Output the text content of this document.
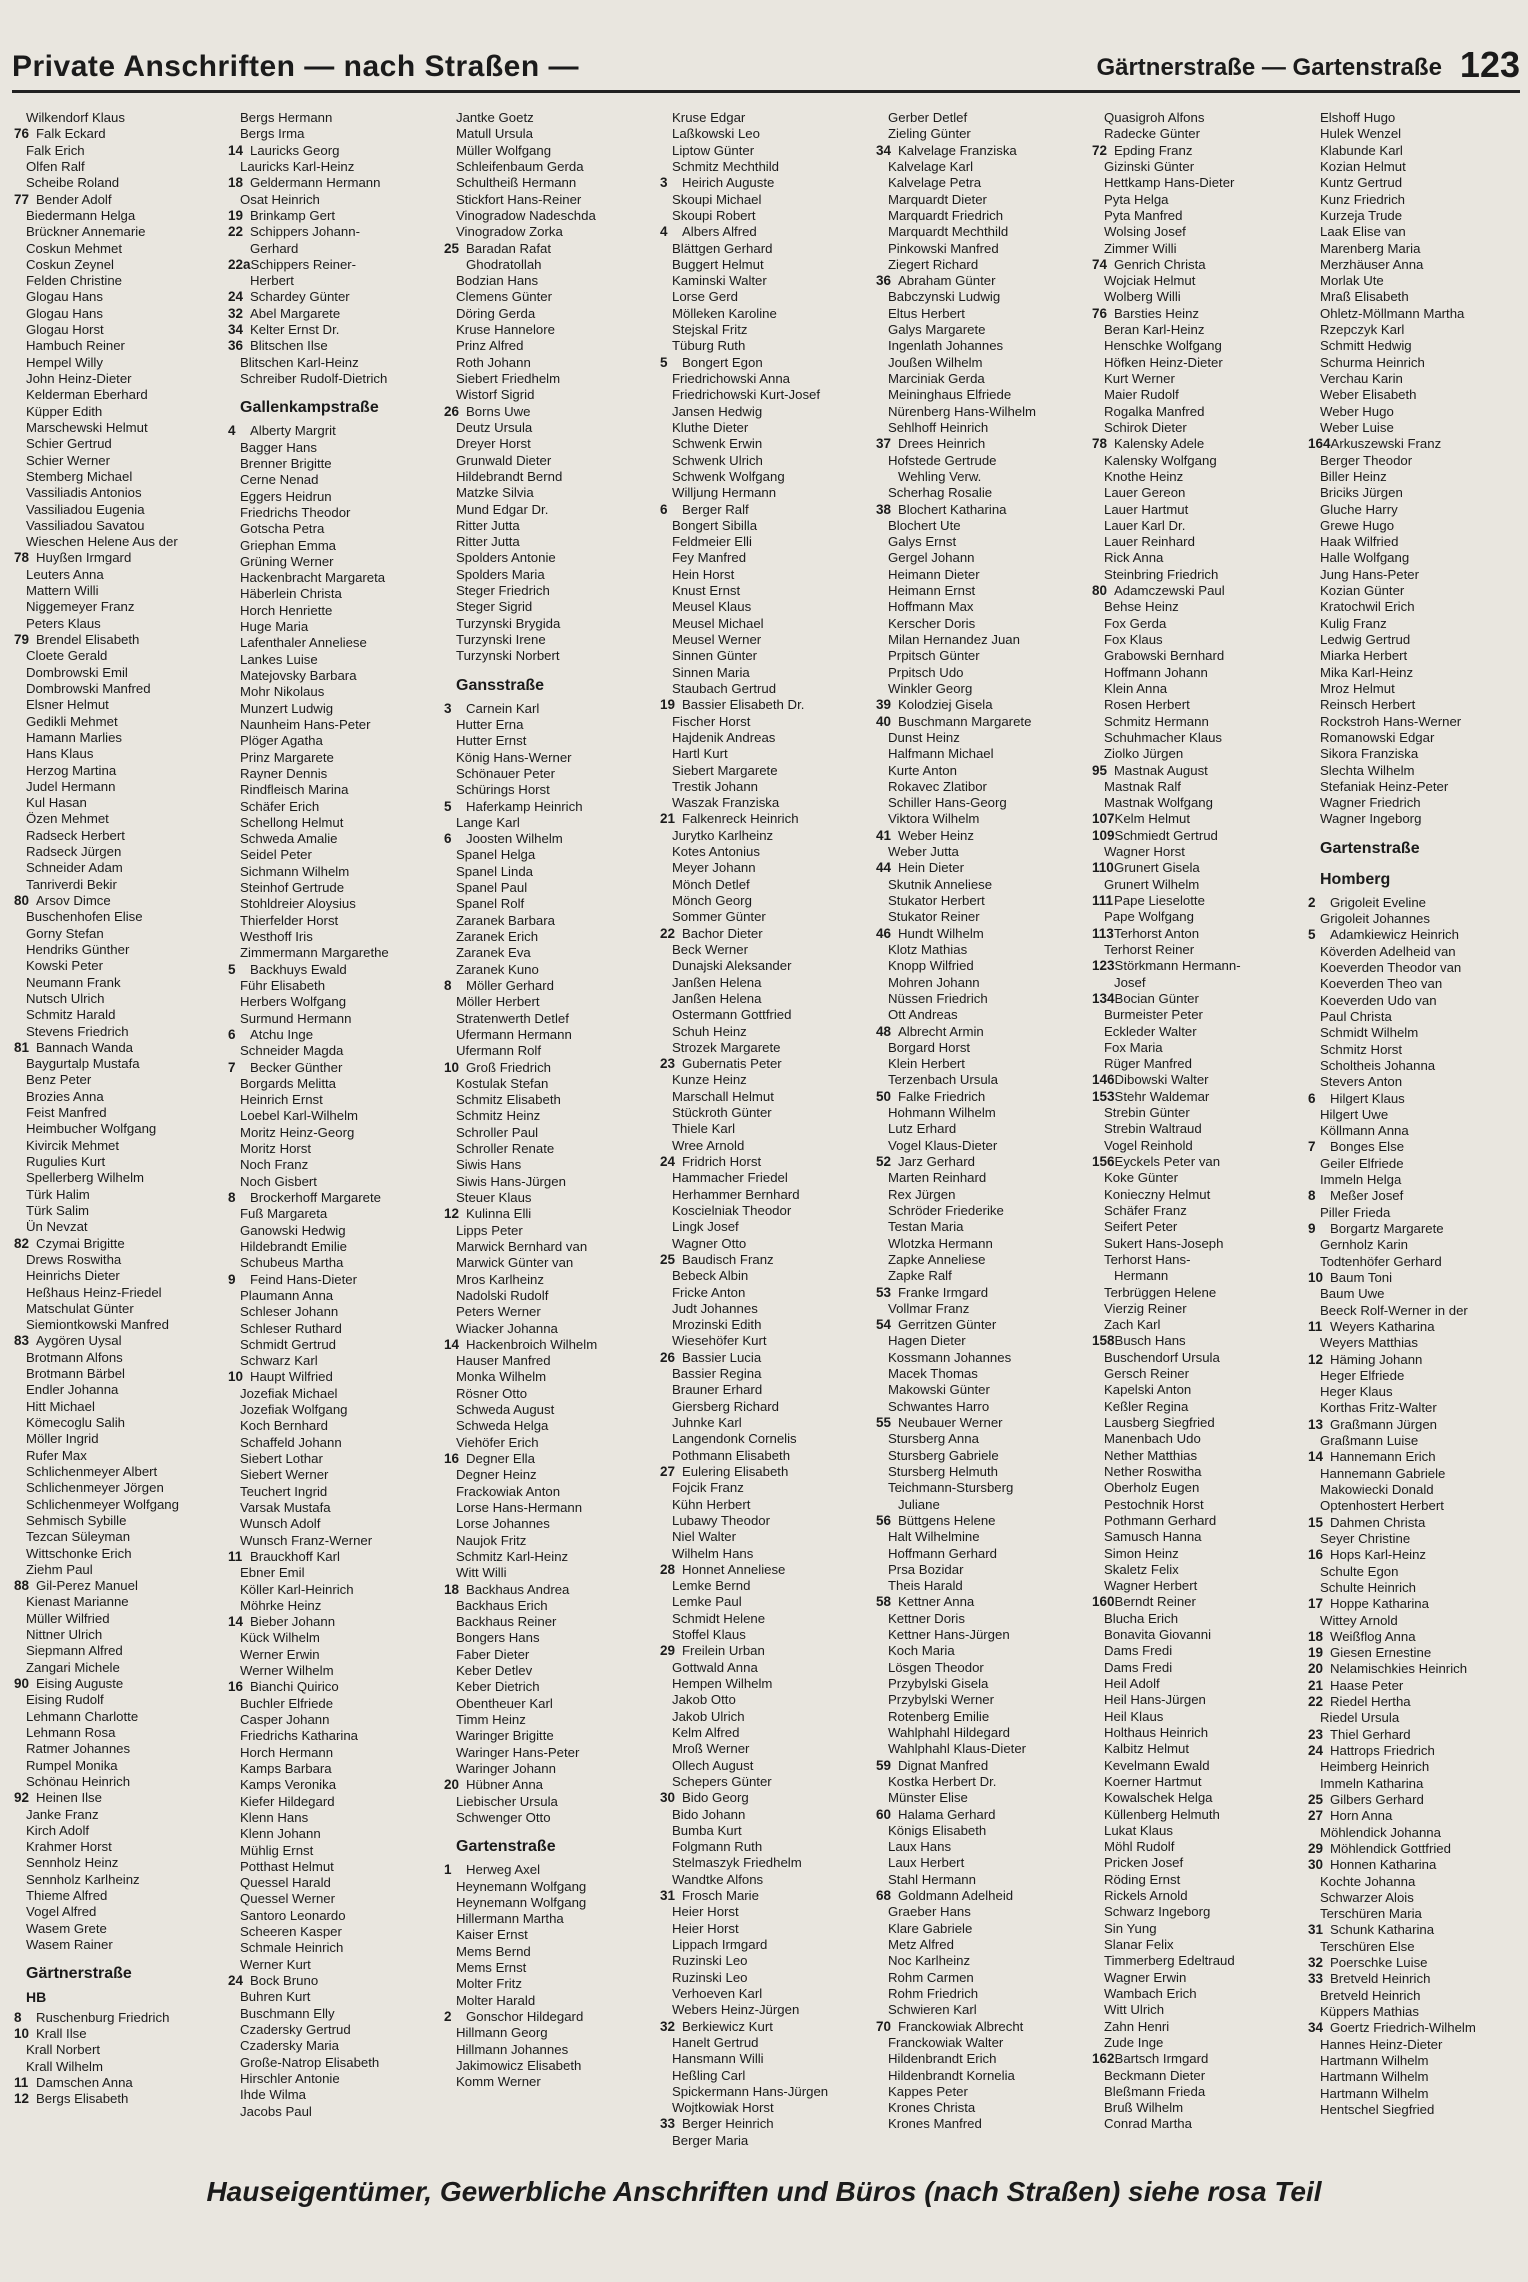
Private Anschriften — nach Straßen —	Gärtnerstraße — Gartenstraße 123
Wilkendorf Klaus
76Falk Eckard
Falk Erich
Olfen Ralf
Scheibe Roland
77Bender Adolf
Biedermann Helga
Brückner Annemarie
Coskun Mehmet
Coskun Zeynel
Felden Christine
Glogau Hans
Glogau Hans
Glogau Horst
Hambuch Reiner
Hempel Willy
John Heinz-Dieter
Kelderman Eberhard
Küpper Edith
Marschewski Helmut
Schier Gertrud
Schier Werner
Stemberg Michael
Vassiliadis Antonios
Vassiliadou Eugenia
Vassiliadou Savatou
Wieschen Helene Aus der
78Huyßen Irmgard
Leuters Anna
Mattern Willi
Niggemeyer Franz
Peters Klaus
79Brendel Elisabeth
Cloete Gerald
Dombrowski Emil
Dombrowski Manfred
Elsner Helmut
Gedikli Mehmet
Hamann Marlies
Hans Klaus
Herzog Martina
Judel Hermann
Kul Hasan
Özen Mehmet
Radseck Herbert
Radseck Jürgen
Schneider Adam
Tanriverdi Bekir
80Arsov Dimce
Buschenhofen Elise
Gorny Stefan
Hendriks Günther
Kowski Peter
Neumann Frank
Nutsch Ulrich
Schmitz Harald
Stevens Friedrich
81Bannach Wanda
Baygurtalp Mustafa
Benz Peter
Brozies Anna
Feist Manfred
Heimbucher Wolfgang
Kivircik Mehmet
Rugulies Kurt
Spellerberg Wilhelm
Türk Halim
Türk Salim
Ün Nevzat
82Czymai Brigitte
Drews Roswitha
Heinrichs Dieter
Heßhaus Heinz-Friedel
Matschulat Günter
Siemiontkowski Manfred
83Aygören Uysal
Brotmann Alfons
Brotmann Bärbel
Endler Johanna
Hitt Michael
Kömecoglu Salih
Möller Ingrid
Rufer Max
Schlichenmeyer Albert
Schlichenmeyer Jörgen
Schlichenmeyer Wolfgang
Sehmisch Sybille
Tezcan Süleyman
Wittschonke Erich
Ziehm Paul
88Gil-Perez Manuel
Kienast Marianne
Müller Wilfried
Nittner Ulrich
Siepmann Alfred
Zangari Michele
90Eising Auguste
Eising Rudolf
Lehmann Charlotte
Lehmann Rosa
Ratmer Johannes
Rumpel Monika
Schönau Heinrich
92Heinen Ilse
Janke Franz
Kirch Adolf
Krahmer Horst
Sennholz Heinz
Sennholz Karlheinz
Thieme Alfred
Vogel Alfred
Wasem Grete
Wasem Rainer
Gärtnerstraße
HB
8Ruschenburg Friedrich
10Krall Ilse
Krall Norbert
Krall Wilhelm
11Damschen Anna
12Bergs Elisabeth
Bergs Hermann
Bergs Irma
14Lauricks Georg
Lauricks Karl-Heinz
18Geldermann Hermann
Osat Heinrich
19Brinkamp Gert
22Schippers Johann-
Gerhard
22aSchippers Reiner-
Herbert
24Schardey Günter
32Abel Margarete
34Kelter Ernst Dr.
36Blitschen Ilse
Blitschen Karl-Heinz
Schreiber Rudolf-Dietrich
Gallenkampstraße
4Alberty Margrit
Bagger Hans
Brenner Brigitte
Cerne Nenad
Eggers Heidrun
Friedrichs Theodor
Gotscha Petra
Griephan Emma
Grüning Werner
Hackenbracht Margareta
Häberlein Christa
Horch Henriette
Huge Maria
Lafenthaler Anneliese
Lankes Luise
Matejovsky Barbara
Mohr Nikolaus
Munzert Ludwig
Naunheim Hans-Peter
Plöger Agatha
Prinz Margarete
Rayner Dennis
Rindfleisch Marina
Schäfer Erich
Schellong Helmut
Schweda Amalie
Seidel Peter
Sichmann Wilhelm
Steinhof Gertrude
Stohldreier Aloysius
Thierfelder Horst
Westhoff Iris
Zimmermann Margarethe
5Backhuys Ewald
Führ Elisabeth
Herbers Wolfgang
Surmund Hermann
6Atchu Inge
Schneider Magda
7Becker Günther
Borgards Melitta
Heinrich Ernst
Loebel Karl-Wilhelm
Moritz Heinz-Georg
Moritz Horst
Noch Franz
Noch Gisbert
8Brockerhoff Margarete
Fuß Margareta
Ganowski Hedwig
Hildebrandt Emilie
Schubeus Martha
9Feind Hans-Dieter
Plaumann Anna
Schleser Johann
Schleser Ruthard
Schmidt Gertrud
Schwarz Karl
10Haupt Wilfried
Jozefiak Michael
Jozefiak Wolfgang
Koch Bernhard
Schaffeld Johann
Siebert Lothar
Siebert Werner
Teuchert Ingrid
Varsak Mustafa
Wunsch Adolf
Wunsch Franz-Werner
11Brauckhoff Karl
Ebner Emil
Köller Karl-Heinrich
Möhrke Heinz
14Bieber Johann
Kück Wilhelm
Werner Erwin
Werner Wilhelm
16Bianchi Quirico
Buchler Elfriede
Casper Johann
Friedrichs Katharina
Horch Hermann
Kamps Barbara
Kamps Veronika
Kiefer Hildegard
Klenn Hans
Klenn Johann
Mühlig Ernst
Potthast Helmut
Quessel Harald
Quessel Werner
Santoro Leonardo
Scheeren Kasper
Schmale Heinrich
Werner Kurt
24Bock Bruno
Buhren Kurt
Buschmann Elly
Czadersky Gertrud
Czadersky Maria
Große-Natrop Elisabeth
Hirschler Antonie
Ihde Wilma
Jacobs Paul
Jantke Goetz
Matull Ursula
Müller Wolfgang
Schleifenbaum Gerda
Schultheiß Hermann
Stickfort Hans-Reiner
Vinogradow Nadeschda
Vinogradow Zorka
25Baradan Rafat
Ghodratollah
Bodzian Hans
Clemens Günter
Döring Gerda
Kruse Hannelore
Prinz Alfred
Roth Johann
Siebert Friedhelm
Wistorf Sigrid
26Borns Uwe
Deutz Ursula
Dreyer Horst
Grunwald Dieter
Hildebrandt Bernd
Matzke Silvia
Mund Edgar Dr.
Ritter Jutta
Ritter Jutta
Spolders Antonie
Spolders Maria
Steger Friedrich
Steger Sigrid
Turzynski Brygida
Turzynski Irene
Turzynski Norbert
Gansstraße
3Carnein Karl
Hutter Erna
Hutter Ernst
König Hans-Werner
Schönauer Peter
Schürings Horst
5Haferkamp Heinrich
Lange Karl
6Joosten Wilhelm
Spanel Helga
Spanel Linda
Spanel Paul
Spanel Rolf
Zaranek Barbara
Zaranek Erich
Zaranek Eva
Zaranek Kuno
8Möller Gerhard
Möller Herbert
Stratenwerth Detlef
Ufermann Hermann
Ufermann Rolf
10Groß Friedrich
Kostulak Stefan
Schmitz Elisabeth
Schmitz Heinz
Schroller Paul
Schroller Renate
Siwis Hans
Siwis Hans-Jürgen
Steuer Klaus
12Kulinna Elli
Lipps Peter
Marwick Bernhard van
Marwick Günter van
Mros Karlheinz
Nadolski Rudolf
Peters Werner
Wiacker Johanna
14Hackenbroich Wilhelm
Hauser Manfred
Monka Wilhelm
Rösner Otto
Schweda August
Schweda Helga
Viehöfer Erich
16Degner Ella
Degner Heinz
Frackowiak Anton
Lorse Hans-Hermann
Lorse Johannes
Naujok Fritz
Schmitz Karl-Heinz
Witt Willi
18Backhaus Andrea
Backhaus Erich
Backhaus Reiner
Bongers Hans
Faber Dieter
Keber Detlev
Keber Dietrich
Obentheuer Karl
Timm Heinz
Waringer Brigitte
Waringer Hans-Peter
Waringer Johann
20Hübner Anna
Liebischer Ursula
Schwenger Otto
Gartenstraße
1Herweg Axel
Heynemann Wolfgang
Heynemann Wolfgang
Hillermann Martha
Kaiser Ernst
Mems Bernd
Mems Ernst
Molter Fritz
Molter Harald
2Gonschor Hildegard
Hillmann Georg
Hillmann Johannes
Jakimowicz Elisabeth
Komm Werner
Kruse Edgar
Laßkowski Leo
Liptow Günter
Schmitz Mechthild
3Heirich Auguste
Skoupi Michael
Skoupi Robert
4Albers Alfred
Blättgen Gerhard
Buggert Helmut
Kaminski Walter
Lorse Gerd
Mölleken Karoline
Stejskal Fritz
Tüburg Ruth
5Bongert Egon
Friedrichowski Anna
Friedrichowski Kurt-Josef
Jansen Hedwig
Kluthe Dieter
Schwenk Erwin
Schwenk Ulrich
Schwenk Wolfgang
Willjung Hermann
6Berger Ralf
Bongert Sibilla
Feldmeier Elli
Fey Manfred
Hein Horst
Knust Ernst
Meusel Klaus
Meusel Michael
Meusel Werner
Sinnen Günter
Sinnen Maria
Staubach Gertrud
19Bassier Elisabeth Dr.
Fischer Horst
Hajdenik Andreas
Hartl Kurt
Siebert Margarete
Trestik Johann
Waszak Franziska
21Falkenreck Heinrich
Jurytko Karlheinz
Kotes Antonius
Meyer Johann
Mönch Detlef
Mönch Georg
Sommer Günter
22Bachor Dieter
Beck Werner
Dunajski Aleksander
Janßen Helena
Janßen Helena
Ostermann Gottfried
Schuh Heinz
Strozek Margarete
23Gubernatis Peter
Kunze Heinz
Marschall Helmut
Stückroth Günter
Thiele Karl
Wree Arnold
24Fridrich Horst
Hammacher Friedel
Herhammer Bernhard
Koscielniak Theodor
Lingk Josef
Wagner Otto
25Baudisch Franz
Bebeck Albin
Fricke Anton
Judt Johannes
Mrozinski Edith
Wiesehöfer Kurt
26Bassier Lucia
Bassier Regina
Brauner Erhard
Giersberg Richard
Juhnke Karl
Langendonk Cornelis
Pothmann Elisabeth
27Eulering Elisabeth
Fojcik Franz
Kühn Herbert
Lubawy Theodor
Niel Walter
Wilhelm Hans
28Honnet Anneliese
Lemke Bernd
Lemke Paul
Schmidt Helene
Stoffel Klaus
29Freilein Urban
Gottwald Anna
Hempen Wilhelm
Jakob Otto
Jakob Ulrich
Kelm Alfred
Mroß Werner
Ollech August
Schepers Günter
30Bido Georg
Bido Johann
Bumba Kurt
Folgmann Ruth
Stelmaszyk Friedhelm
Wandtke Alfons
31Frosch Marie
Heier Horst
Heier Horst
Lippach Irmgard
Ruzinski Leo
Ruzinski Leo
Verhoeven Karl
Webers Heinz-Jürgen
32Berkiewicz Kurt
Hanelt Gertrud
Hansmann Willi
Heßling Carl
Spickermann Hans-Jürgen
Wojtkowiak Horst
33Berger Heinrich
Berger Maria
Gerber Detlef
Zieling Günter
34Kalvelage Franziska
Kalvelage Karl
Kalvelage Petra
Marquardt Dieter
Marquardt Friedrich
Marquardt Mechthild
Pinkowski Manfred
Ziegert Richard
36Abraham Günter
Babczynski Ludwig
Eltus Herbert
Galys Margarete
Ingenlath Johannes
Joußen Wilhelm
Marciniak Gerda
Meininghaus Elfriede
Nürenberg Hans-Wilhelm
Sehlhoff Heinrich
37Drees Heinrich
Hofstede Gertrude
Wehling Verw.
Scherhag Rosalie
38Blochert Katharina
Blochert Ute
Galys Ernst
Gergel Johann
Heimann Dieter
Heimann Ernst
Hoffmann Max
Kerscher Doris
Milan Hernandez Juan
Prpitsch Günter
Prpitsch Udo
Winkler Georg
39Kolodziej Gisela
40Buschmann Margarete
Dunst Heinz
Halfmann Michael
Kurte Anton
Rokavec Zlatibor
Schiller Hans-Georg
Viktora Wilhelm
41Weber Heinz
Weber Jutta
44Hein Dieter
Skutnik Anneliese
Stukator Herbert
Stukator Reiner
46Hundt Wilhelm
Klotz Mathias
Knopp Wilfried
Mohren Johann
Nüssen Friedrich
Ott Andreas
48Albrecht Armin
Borgard Horst
Klein Herbert
Terzenbach Ursula
50Falke Friedrich
Hohmann Wilhelm
Lutz Erhard
Vogel Klaus-Dieter
52Jarz Gerhard
Marten Reinhard
Rex Jürgen
Schröder Friederike
Testan Maria
Wlotzka Hermann
Zapke Anneliese
Zapke Ralf
53Franke Irmgard
Vollmar Franz
54Gerritzen Günter
Hagen Dieter
Kossmann Johannes
Macek Thomas
Makowski Günter
Schwantes Harro
55Neubauer Werner
Stursberg Anna
Stursberg Gabriele
Stursberg Helmuth
Teichmann-Stursberg
Juliane
56Büttgens Helene
Halt Wilhelmine
Hoffmann Gerhard
Prsa Bozidar
Theis Harald
58Kettner Anna
Kettner Doris
Kettner Hans-Jürgen
Koch Maria
Lösgen Theodor
Przybylski Gisela
Przybylski Werner
Rotenberg Emilie
Wahlphahl Hildegard
Wahlphahl Klaus-Dieter
59Dignat Manfred
Kostka Herbert Dr.
Münster Elise
60Halama Gerhard
Königs Elisabeth
Laux Hans
Laux Herbert
Stahl Hermann
68Goldmann Adelheid
Graeber Hans
Klare Gabriele
Metz Alfred
Noc Karlheinz
Rohm Carmen
Rohm Friedrich
Schwieren Karl
70Franckowiak Albrecht
Franckowiak Walter
Hildenbrandt Erich
Hildenbrandt Kornelia
Kappes Peter
Krones Christa
Krones Manfred
Quasigroh Alfons
Radecke Günter
72Epding Franz
Gizinski Günter
Hettkamp Hans-Dieter
Pyta Helga
Pyta Manfred
Wolsing Josef
Zimmer Willi
74Genrich Christa
Wojciak Helmut
Wolberg Willi
76Barsties Heinz
Beran Karl-Heinz
Henschke Wolfgang
Höfken Heinz-Dieter
Kurt Werner
Maier Rudolf
Rogalka Manfred
Schirok Dieter
78Kalensky Adele
Kalensky Wolfgang
Knothe Heinz
Lauer Gereon
Lauer Hartmut
Lauer Karl Dr.
Lauer Reinhard
Rick Anna
Steinbring Friedrich
80Adamczewski Paul
Behse Heinz
Fox Gerda
Fox Klaus
Grabowski Bernhard
Hoffmann Johann
Klein Anna
Rosen Herbert
Schmitz Hermann
Schuhmacher Klaus
Ziolko Jürgen
95Mastnak August
Mastnak Ralf
Mastnak Wolfgang
107Kelm Helmut
109Schmiedt Gertrud
Wagner Horst
110Grunert Gisela
Grunert Wilhelm
111Pape Lieselotte
Pape Wolfgang
113Terhorst Anton
Terhorst Reiner
123Störkmann Hermann-
Josef
134Bocian Günter
Burmeister Peter
Eckleder Walter
Fox Maria
Rüger Manfred
146Dibowski Walter
153Stehr Waldemar
Strebin Günter
Strebin Waltraud
Vogel Reinhold
156Eyckels Peter van
Koke Günter
Konieczny Helmut
Schäfer Franz
Seifert Peter
Sukert Hans-Joseph
Terhorst Hans-
Hermann
Terbrüggen Helene
Vierzig Reiner
Zach Karl
158Busch Hans
Buschendorf Ursula
Gersch Reiner
Kapelski Anton
Keßler Regina
Lausberg Siegfried
Manenbach Udo
Nether Matthias
Nether Roswitha
Oberholz Eugen
Pestochnik Horst
Pothmann Gerhard
Samusch Hanna
Simon Heinz
Skaletz Felix
Wagner Herbert
160Berndt Reiner
Blucha Erich
Bonavita Giovanni
Dams Fredi
Dams Fredi
Heil Adolf
Heil Hans-Jürgen
Heil Klaus
Holthaus Heinrich
Kalbitz Helmut
Kevelmann Ewald
Koerner Hartmut
Kowalschek Helga
Küllenberg Helmuth
Lukat Klaus
Möhl Rudolf
Pricken Josef
Röding Ernst
Rickels Arnold
Schwarz Ingeborg
Sin Yung
Slanar Felix
Timmerberg Edeltraud
Wagner Erwin
Wambach Erich
Witt Ulrich
Zahn Henri
Zude Inge
162Bartsch Irmgard
Beckmann Dieter
Bleßmann Frieda
Bruß Wilhelm
Conrad Martha
Elshoff Hugo
Hulek Wenzel
Klabunde Karl
Kozian Helmut
Kuntz Gertrud
Kunz Friedrich
Kurzeja Trude
Laak Elise van
Marenberg Maria
Merzhäuser Anna
Morlak Ute
Mraß Elisabeth
Ohletz-Möllmann Martha
Rzepczyk Karl
Schmitt Hedwig
Schurma Heinrich
Verchau Karin
Weber Elisabeth
Weber Hugo
Weber Luise
164Arkuszewski Franz
Berger Theodor
Biller Heinz
Briciks Jürgen
Gluche Harry
Grewe Hugo
Haak Wilfried
Halle Wolfgang
Jung Hans-Peter
Kozian Günter
Kratochwil Erich
Kulig Franz
Ledwig Gertrud
Miarka Herbert
Mika Karl-Heinz
Mroz Helmut
Reinsch Herbert
Rockstroh Hans-Werner
Romanowski Edgar
Sikora Franziska
Slechta Wilhelm
Stefaniak Heinz-Peter
Wagner Friedrich
Wagner Ingeborg
Gartenstraße
Homberg
2Grigoleit Eveline
Grigoleit Johannes
5Adamkiewicz Heinrich
Köverden Adelheid van
Koeverden Theodor van
Koeverden Theo van
Koeverden Udo van
Paul Christa
Schmidt Wilhelm
Schmitz Horst
Scholtheis Johanna
Stevers Anton
6Hilgert Klaus
Hilgert Uwe
Köllmann Anna
7Bonges Else
Geiler Elfriede
Immeln Helga
8Meßer Josef
Piller Frieda
9Borgartz Margarete
Gernholz Karin
Todtenhöfer Gerhard
10Baum Toni
Baum Uwe
Beeck Rolf-Werner in der
11Weyers Katharina
Weyers Matthias
12Häming Johann
Heger Elfriede
Heger Klaus
Korthas Fritz-Walter
13Graßmann Jürgen
Graßmann Luise
14Hannemann Erich
Hannemann Gabriele
Makowiecki Donald
Optenhostert Herbert
15Dahmen Christa
Seyer Christine
16Hops Karl-Heinz
Schulte Egon
Schulte Heinrich
17Hoppe Katharina
Wittey Arnold
18Weißflog Anna
19Giesen Ernestine
20Nelamischkies Heinrich
21Haase Peter
22Riedel Hertha
Riedel Ursula
23Thiel Gerhard
24Hattrops Friedrich
Heimberg Heinrich
Immeln Katharina
25Gilbers Gerhard
27Horn Anna
Möhlendick Johanna
29Möhlendick Gottfried
30Honnen Katharina
Kochte Johanna
Schwarzer Alois
Terschüren Maria
31Schunk Katharina
Terschüren Else
32Poerschke Luise
33Bretveld Heinrich
Bretveld Heinrich
Küppers Mathias
34Goertz Friedrich-Wilhelm
Hannes Heinz-Dieter
Hartmann Wilhelm
Hartmann Wilhelm
Hartmann Wilhelm
Hentschel Siegfried
Hauseigentümer, Gewerbliche Anschriften und Büros (nach Straßen) siehe rosa Teil
